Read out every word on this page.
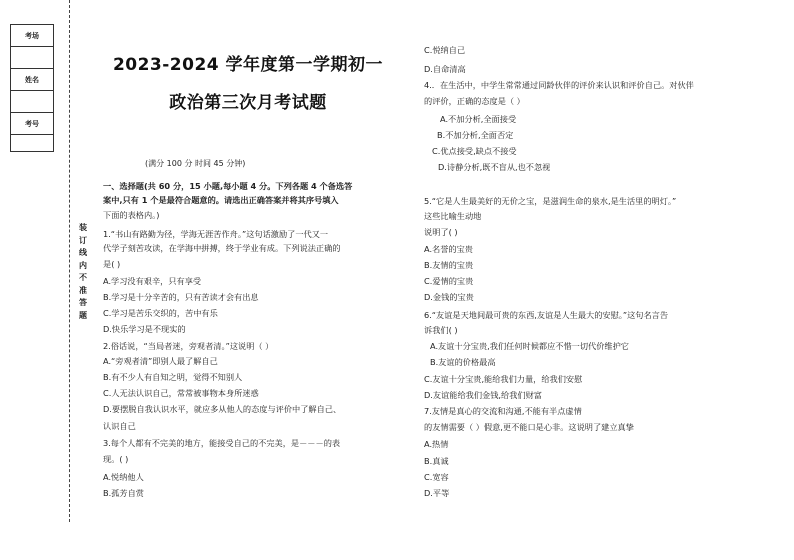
考场
姓名
考号
装订线内不准答题
2023-2024 学年度第一学期初一
政治第三次月考试题
(满分 100 分 时间 45 分钟)
一、选择题(共 60 分，15 小题,每小题 4 分。下列各题 4 个备选答
案中,只有 1 个是最符合题意的。请选出正确答案并将其序号填入
下面的表格内。)
1.“书山有路勤为径，学海无涯苦作舟。”这句话激励了一代又一
代学子刻苦攻读，在学海中拼搏，终于学业有成。下列说法正确的
是( )
A.学习没有艰辛，只有享受
B.学习是十分辛苦的，只有苦读才会有出息
C.学习是苦乐交织的，苦中有乐
D.快乐学习是不现实的
2.俗话说，“当局者迷，旁观者清。”这说明（ ）
A.“旁观者清”即别人最了解自己
B.有不少人有自知之明，觉得不知别人
C.人无法认识自己，常常被事物本身所迷惑
D.要摆脱自我认识水平，就应多从他人的态度与评价中了解自己、
认识自己
3.每个人都有不完美的地方，能接受自己的不完美，是－－－的表
现。( )
A.悦纳他人
B.孤芳自赏
C.悦纳自己
D.自命清高
4.．在生活中，中学生常常通过同龄伙伴的评价来认识和评价自己。对伙伴
的评价，正确的态度是（ ）
A.不加分析,全面接受
B.不加分析,全面否定
C.优点接受,缺点不接受
D.诗静分析,既不盲从,也不忽视
5.“它是人生最美好的无价之宝，是滋润生命的泉水,是生活里的明灯。”
这些比喻生动地
说明了( )
A.名誉的宝贵
B.友情的宝贵
C.爱情的宝贵
D.金钱的宝贵
6.“友谊是天地间最可贵的东西,友谊是人生最大的安慰。”这句名言告
诉我们( )
A.友谊十分宝贵,我们任何时候都应不惜一切代价维护它
B.友谊的价格最高
C.友谊十分宝贵,能给我们力量，给我们安慰
D.友谊能给我们金钱,给我们财富
7.友情是真心的交流和沟通,不能有半点虚情
的友情需要（ ）假意,更不能口是心非。这说明了建立真挚
A.热情
B.真诚
C.宽容
D.平等
